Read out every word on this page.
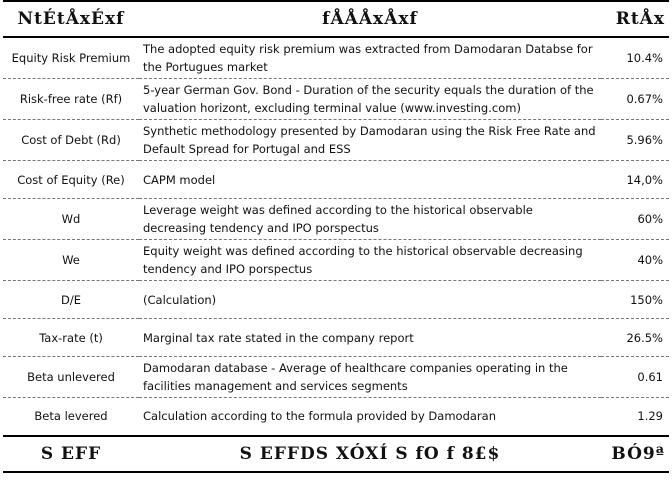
NtÉtÅxÉxf	fÅÅÅxÅxf	RtÅx
Equity Risk Premium	The adopted equity risk premium was extracted from Damodaran Databse for the Portugues market	10.4%
Risk-free rate (Rf)	5-year German Gov. Bond - Duration of the security equals the duration of the valuation horizont, excluding terminal value (www.investing.com)	0.67%
Cost of Debt (Rd)	Synthetic methodology presented by Damodaran using the Risk Free Rate and Default Spread for Portugal and ESS	5.96%
Cost of Equity (Re)	CAPM model	14,0%
Wd	Leverage weight was defined according to the historical observable decreasing tendency and IPO porspectus	60%
We	Equity weight was defined according to the historical observable decreasing tendency and IPO porspectus	40%
D/E	(Calculation)	150%
Tax-rate (t)	Marginal tax rate stated in the company report	26.5%
Beta unlevered	Damodaran database - Average of healthcare companies operating in the facilities management and services segments	0.61
Beta levered	Calculation according to the formula provided by Damodaran	1.29
S EFF	S EFFDS XÓXÍ S fO f 8£$	BÓ9ª
